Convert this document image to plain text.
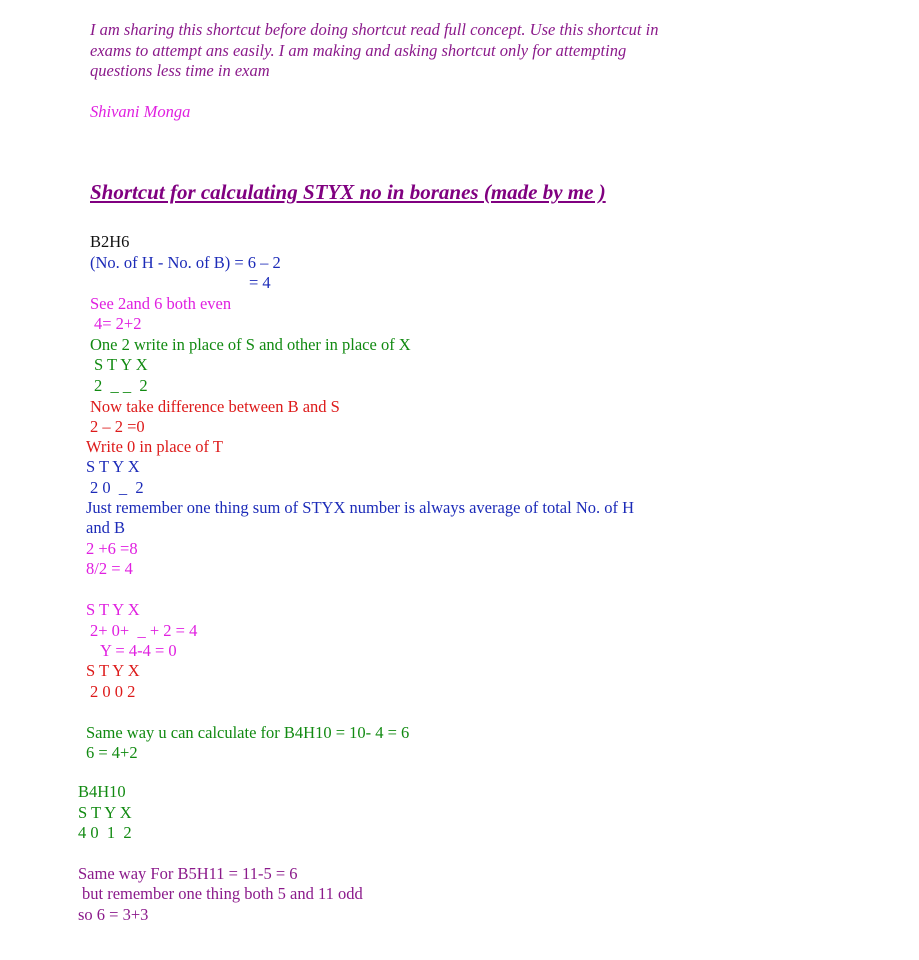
I am sharing this shortcut before doing shortcut read full concept. Use this shortcut in

exams to attempt ans easily. I am making and asking shortcut only for attempting

questions less time in exam

Shivani Monga

Shortcut for calculating STYX no in boranes (made by me )

B2H6

(No. of H - No. of B) = 6 – 2

= 4

See 2and 6 both even

4= 2+2

One 2 write in place of S and other in place of X

S T Y X

2  _ _  2

Now take difference between B and S

2 – 2 =0

Write 0 in place of T

S T Y X

2 0  _  2

Just remember one thing sum of STYX number is always average of total No. of H

and B

2 +6 =8

8/2 = 4

S T Y X

2+ 0+  _ + 2 = 4

Y = 4-4 = 0

S T Y X

2 0 0 2

Same way u can calculate for B4H10 = 10- 4 = 6

6 = 4+2

B4H10

S T Y X

4 0  1  2

Same way For B5H11 = 11-5 = 6

but remember one thing both 5 and 11 odd

so 6 = 3+3
